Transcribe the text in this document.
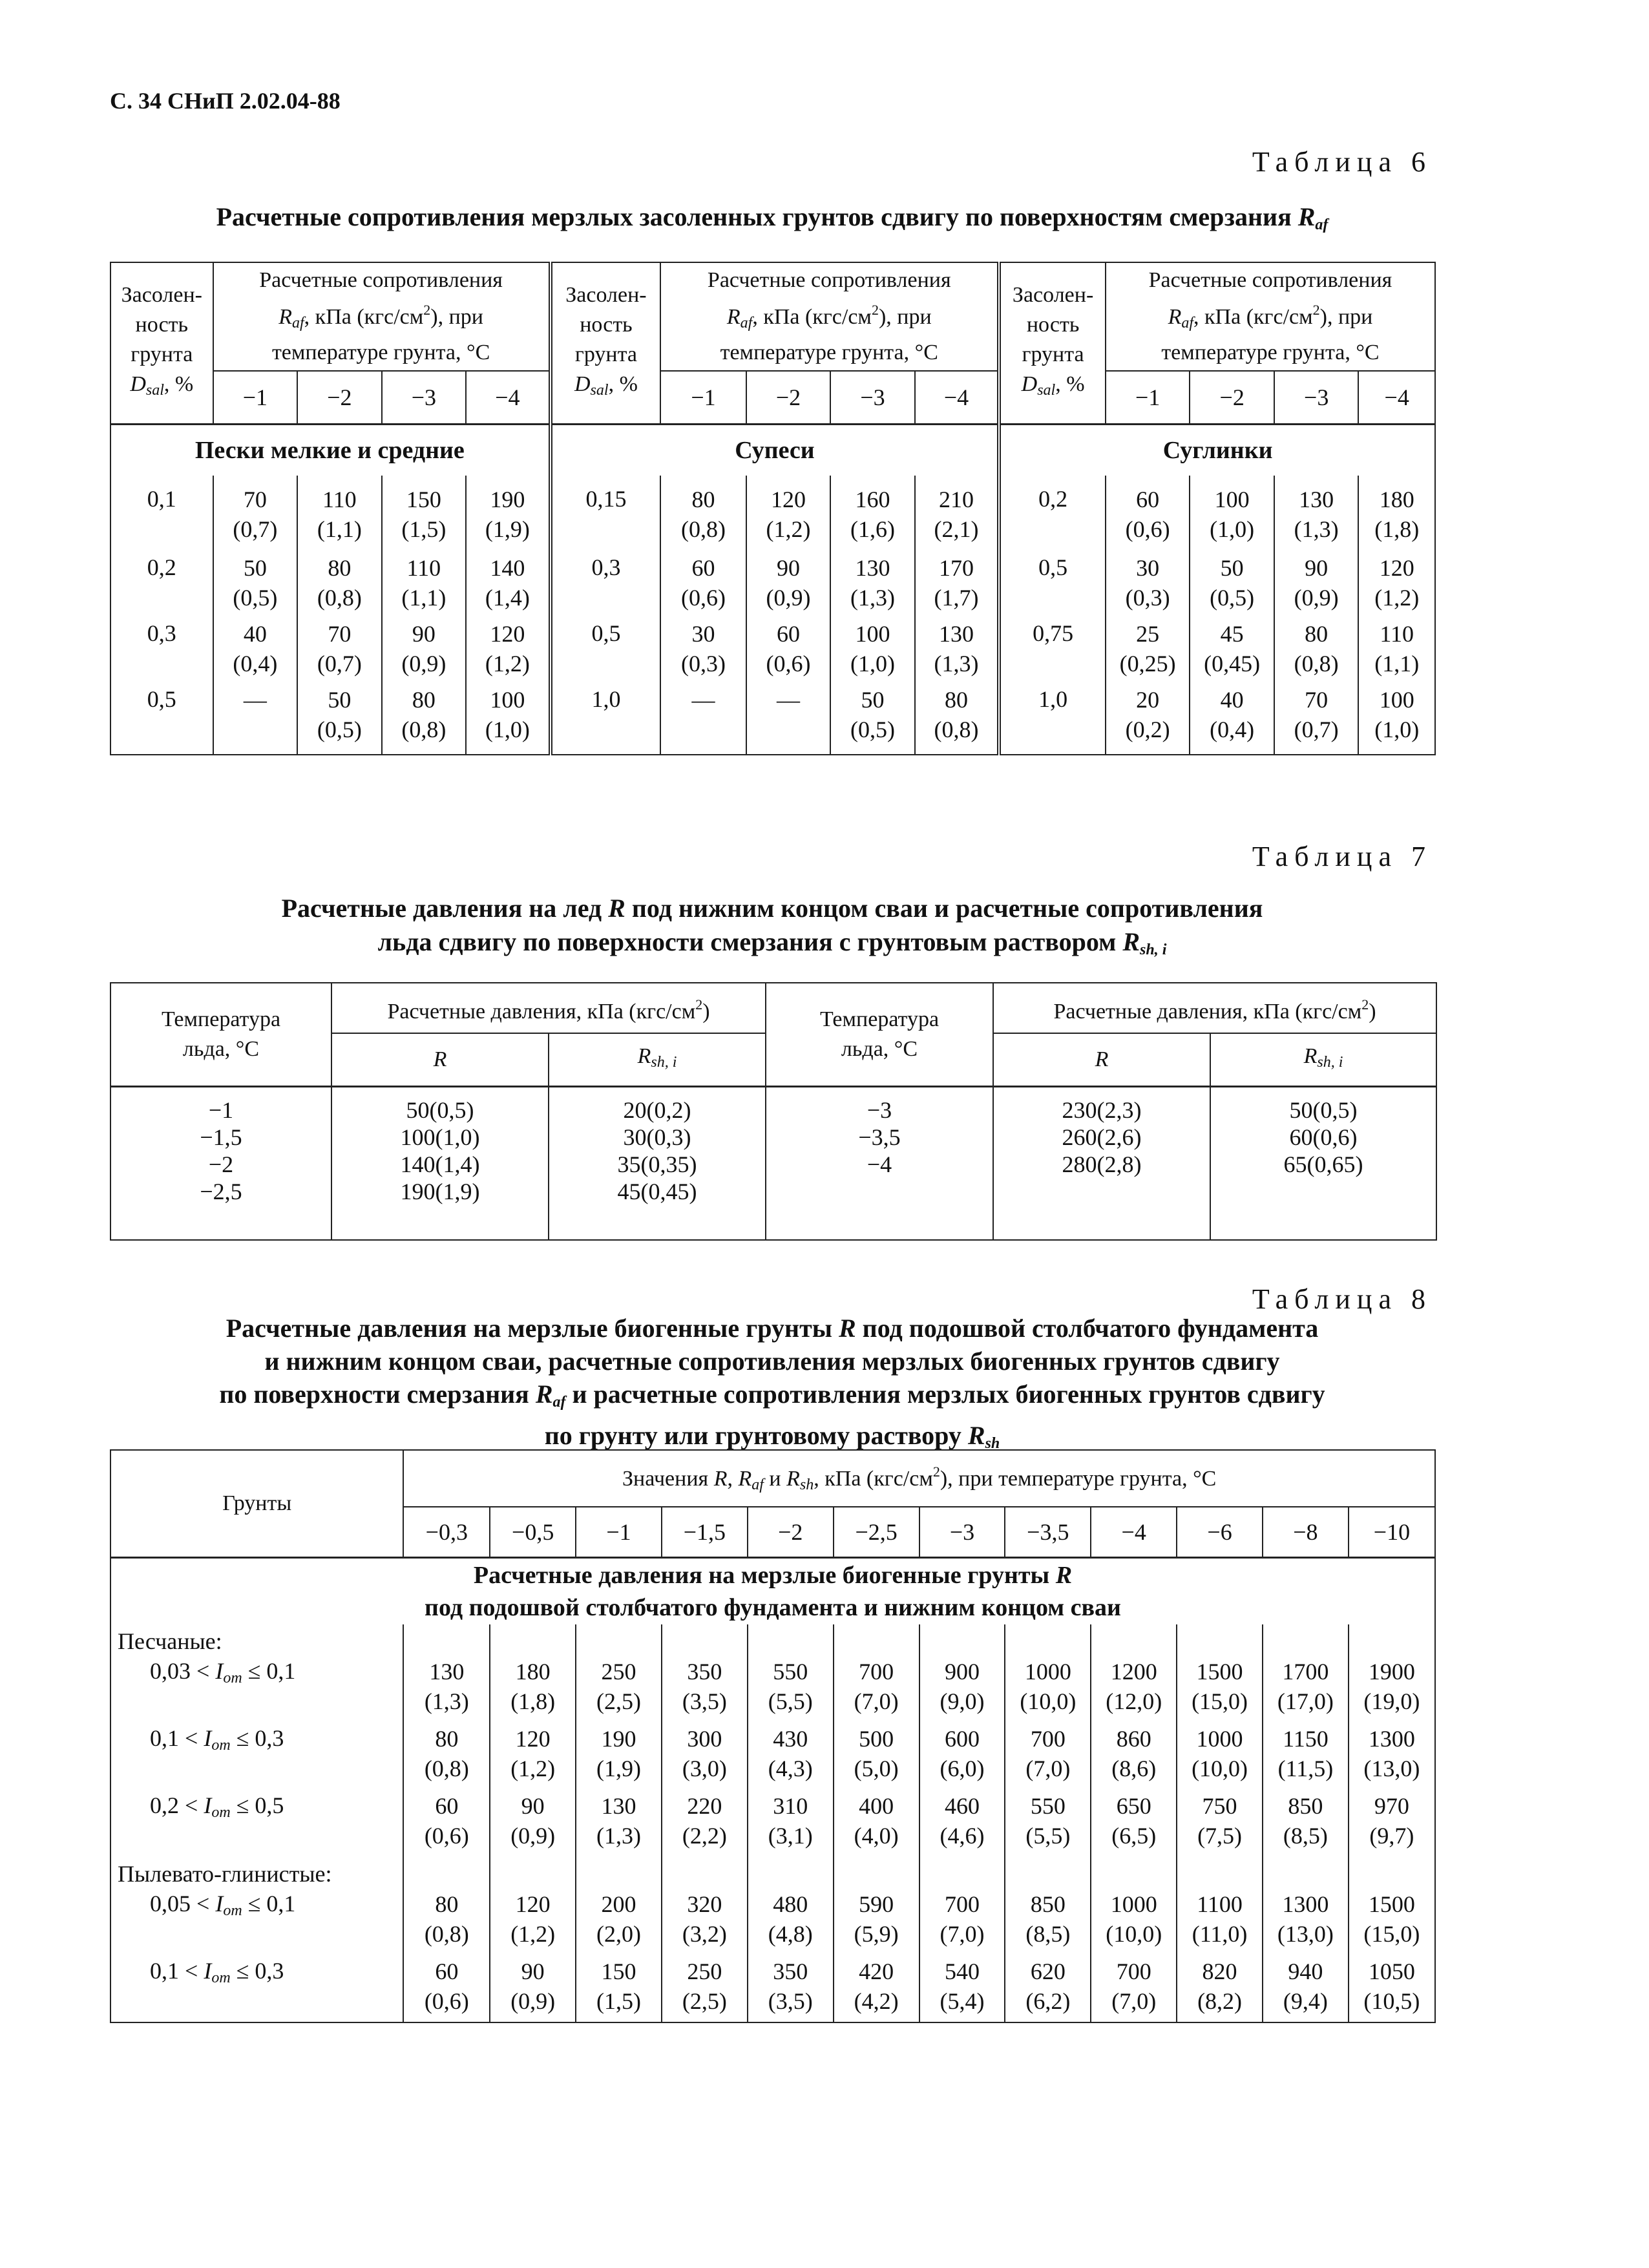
С. 34 СНиП 2.02.04-88
Таблица 6
Расчетные сопротивления мерзлых засоленных грунтов сдвигу по поверхностям смерзания $R_{af}$
Засолен-
ность
грунта
$D_{sal}$, %	Расчетные сопротивления
$R_{af}$, кПа $(кгс/см^2)$, при
температуре грунта, °С				Засолен-
ность
грунта
$D_{sal}$, %	Расчетные сопротивления
$R_{af}$, кПа $(кгс/см^2)$, при
температуре грунта, °С				Засолен-
ность
грунта
$D_{sal}$, %	Расчетные сопротивления
$R_{af}$, кПа $(кгс/см^2)$, при
температуре грунта, °С			

	−1	−2	−3	−4		−1	−2	−3	−4		−1	−2	−3	−4
Пески мелкие и средние					Супеси					Суглинки				
0,1	70
(0,7)	110
(1,1)	150
(1,5)	190
(1,9)	0,15	80
(0,8)	120
(1,2)	160
(1,6)	210
(2,1)	0,2	60
(0,6)	100
(1,0)	130
(1,3)	180
(1,8)

0,2	50
(0,5)	80
(0,8)	110
(1,1)	140
(1,4)	0,3	60
(0,6)	90
(0,9)	130
(1,3)	170
(1,7)	0,5	30
(0,3)	50
(0,5)	90
(0,9)	120
(1,2)

0,3	40
(0,4)	70
(0,7)	90
(0,9)	120
(1,2)	0,5	30
(0,3)	60
(0,6)	100
(1,0)	130
(1,3)	0,75	25
(0,25)	45
(0,45)	80
(0,8)	110
(1,1)

0,5	—	50
(0,5)	80
(0,8)	100
(1,0)	1,0	—	—	50
(0,5)	80
(0,8)	1,0	20
(0,2)	40
(0,4)	70
(0,7)	100
(1,0)
Таблица 7
Расчетные давления на лед R под нижним концом сваи и расчетные сопротивления
льда сдвигу по поверхности смерзания с грунтовым раствором $R_{sh, i}$
Температура
льда, °С	Расчетные давления, кПа $(кгс/см^2)$		Температура
льда, °С	Расчетные давления, кПа $(кгс/см^2)$	
	R	$R_{sh, i}$		R	$R_{sh, i}$

−1
−1,5
−2
−2,5	50(0,5)
100(1,0)
140(1,4)
190(1,9)	20(0,2)
30(0,3)
35(0,35)
45(0,45)	−3
−3,5
−4	230(2,3)
260(2,6)
280(2,8)	50(0,5)
60(0,6)
65(0,65)
Таблица 8
Расчетные давления на мерзлые биогенные грунты R под подошвой столбчатого фундамента
и нижним концом сваи, расчетные сопротивления мерзлых биогенных грунтов сдвигу
по поверхности смерзания $R_{af}$ и расчетные сопротивления мерзлых биогенных грунтов сдвигу
по грунту или грунтовому раствору $R_{sh}$
Грунты	Значения R, $R_{af}$ и $R_{sh}$, кПа $(кгс/см^2)$, при температуре грунта, °С											
	−0,3	−0,5	−1	−1,5	−2	−2,5	−3	−3,5	−4	−6	−8	−10

Расчетные давления на мерзлые биогенные грунты R
под подошвой столбчатого фундамента и нижним концом сваи												

Песчаные:												
$0,03 < I_{om} \le 0,1$	130
(1,3)	180
(1,8)	250
(2,5)	350
(3,5)	550
(5,5)	700
(7,0)	900
(9,0)	1000
(10,0)	1200
(12,0)	1500
(15,0)	1700
(17,0)	1900
(19,0)

$0,1 < I_{om} \le 0,3$	80
(0,8)	120
(1,2)	190
(1,9)	300
(3,0)	430
(4,3)	500
(5,0)	600
(6,0)	700
(7,0)	860
(8,6)	1000
(10,0)	1150
(11,5)	1300
(13,0)

$0,2 < I_{om} \le 0,5$	60
(0,6)	90
(0,9)	130
(1,3)	220
(2,2)	310
(3,1)	400
(4,0)	460
(4,6)	550
(5,5)	650
(6,5)	750
(7,5)	850
(8,5)	970
(9,7)

Пылевато-глинистые:												
$0,05 < I_{om} \le 0,1$	80
(0,8)	120
(1,2)	200
(2,0)	320
(3,2)	480
(4,8)	590
(5,9)	700
(7,0)	850
(8,5)	1000
(10,0)	1100
(11,0)	1300
(13,0)	1500
(15,0)

$0,1 < I_{om} \le 0,3$	60
(0,6)	90
(0,9)	150
(1,5)	250
(2,5)	350
(3,5)	420
(4,2)	540
(5,4)	620
(6,2)	700
(7,0)	820
(8,2)	940
(9,4)	1050
(10,5)
